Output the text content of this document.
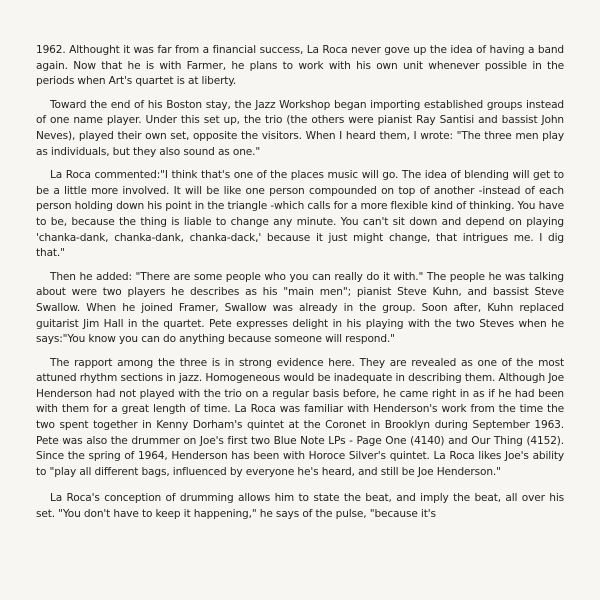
1962. Althought it was far from a financial success, La Roca never gove up the idea of having a band again. Now that he is with Farmer, he plans to work with his own unit whenever possible in the periods when Art's quartet is at liberty.

Toward the end of his Boston stay, the Jazz Workshop began importing established groups instead of one name player. Under this set up, the trio (the others were pianist Ray Santisi and bassist John Neves), played their own set, opposite the visitors. When I heard them, I wrote: "The three men play as individuals, but they also sound as one."

La Roca commented:"I think that's one of the places music will go. The idea of blending will get to be a little more involved. It will be like one person compounded on top of another -instead of each person holding down his point in the triangle -which calls for a more flexible kind of thinking. You have to be, because the thing is liable to change any minute. You can't sit down and depend on playing 'chanka-dank, chanka-dank, chanka-dack,' because it just might change, that intrigues me. I dig that."

Then he added: "There are some people who you can really do it with." The people he was talking about were two players he describes as his "main men"; pianist Steve Kuhn, and bassist Steve Swallow. When he joined Framer, Swallow was already in the group. Soon after, Kuhn replaced guitarist Jim Hall in the quartet. Pete expresses delight in his playing with the two Steves when he says:"You know you can do anything because someone will respond."

The rapport among the three is in strong evidence here. They are revealed as one of the most attuned rhythm sections in jazz. Homogeneous would be inadequate in describing them. Although Joe Henderson had not played with the trio on a regular basis before, he came right in as if he had been with them for a great length of time. La Roca was familiar with Henderson's work from the time the two spent together in Kenny Dorham's quintet at the Coronet in Brooklyn during September 1963. Pete was also the drummer on Joe's first two Blue Note LPs - Page One (4140) and Our Thing (4152). Since the spring of 1964, Henderson has been with Horoce Silver's quintet. La Roca likes Joe's ability to "play all different bags, influenced by everyone he's heard, and still be Joe Henderson."

La Roca's conception of drumming allows him to state the beat, and imply the beat, all over his set. "You don't have to keep it happening," he says of the pulse, "because it's
